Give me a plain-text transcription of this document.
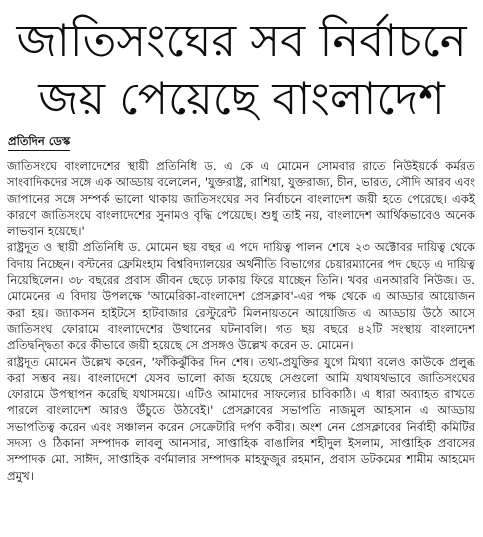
জাতিসংঘের সব নির্বাচনে
জয় পেয়েছে বাংলাদেশ
প্রতিদিন ডেস্ক

জাতিসংঘে বাংলাদেশের স্থায়ী প্রতিনিধি ড. এ কে এ মোমেন সোমবার রাতে নিউইয়র্কে কর্মরত সাংবাদিকদের সঙ্গে এক আড্ডায় বলেলেন, 'যুক্তরাষ্ট্র, রাশিয়া, যুক্তরাজ্য, চীন, ভারত, সৌদি আরব এবং জাপানের সঙ্গে সম্পর্ক ভালো থাকায় জাতিসংঘের সব নির্বাচনে বাংলাদেশ জয়ী হতে পেরেছে। একই কারণে জাতিসংঘে বাংলাদেশের সুনামও বৃদ্ধি পেয়েছে। শুধু তাই নয়, বাংলাদেশ আর্থিকভাবেও অনেক লাভবান হয়েছে।'

রাষ্ট্রদূত ও স্থায়ী প্রতিনিধি ড. মোমেন ছয় বছর এ পদে দায়িত্ব পালন শেষে ২৩ অক্টোবর দায়িত্ব থেকে বিদায় নিচ্ছেন। বস্টনের ফ্রেমিংহাম বিশ্ববিদ্যালয়ের অর্থনীতি বিভাগের চেয়ারম্যানের পদ ছেড়ে এ দায়িত্ব নিয়েছিলেন। ৩৮ বছরের প্রবাস জীবন ছেড়ে ঢাকায় ফিরে যাচ্ছেন তিনি। খবর এনআরবি নিউজ। ড. মোমেনের এ বিদায় উপলক্ষে 'আমেরিকা-বাংলাদেশ প্রেসক্লাব'-এর পক্ষ থেকে এ আড্ডার আয়োজন করা হয়। জ্যাকসন হাইটসে হাটবাজার রেস্টুরেন্ট মিলনায়তনে আয়োজিত এ আড্ডায় উঠে আসে জাতিসংঘ ফোরামে বাংলাদেশের উত্থানের ঘটনাবলি। গত ছয় বছরে ৪২টি সংস্থায় বাংলাদেশ প্রতিদ্বন্দ্বিতা করে কীভাবে জয়ী হয়েছে সে প্রসঙ্গও উল্লেখ করেন ড. মোমেন।

রাষ্ট্রদূত মোমেন উল্লেখ করেন, 'ফাঁকিঝুঁকির দিন শেষ। তথ্য-প্রযুক্তির যুগে মিথ্যা বলেও কাউকে প্রলুব্ধ করা সম্ভব নয়। বাংলাদেশে যেসব ভালো কাজ হয়েছে সেগুলো আমি যথাযথভাবে জাতিসংঘের ফোরামে উপস্থাপন করেছি যথাসময়ে। এটিও আমাদের সাফল্যের চাবিকাঠি। এ ধারা অব্যাহত রাখতে পারলে বাংলাদেশ আরও উঁচুতে উঠবেই।' প্রেসক্লাবের সভাপতি নাজমুল আহসান এ আড্ডায় সভাপতিত্ব করেন এবং সঞ্চালন করেন সেক্রেটারি দর্পণ কবীর। অংশ নেন প্রেসক্লাবের নির্বাহী কমিটির সদস্য ও ঠিকানা সম্পাদক লাবলু আনসার, সাপ্তাহিক বাঙালির শহীদুল ইসলাম, সাপ্তাহিক প্রবাসের সম্পাদক মো. সাঈদ, সাপ্তাহিক বর্ণমালার সম্পাদক মাহফুজুর রহমান, প্রবাস ডটকমের শামীম আহমেদ প্রমুখ।
